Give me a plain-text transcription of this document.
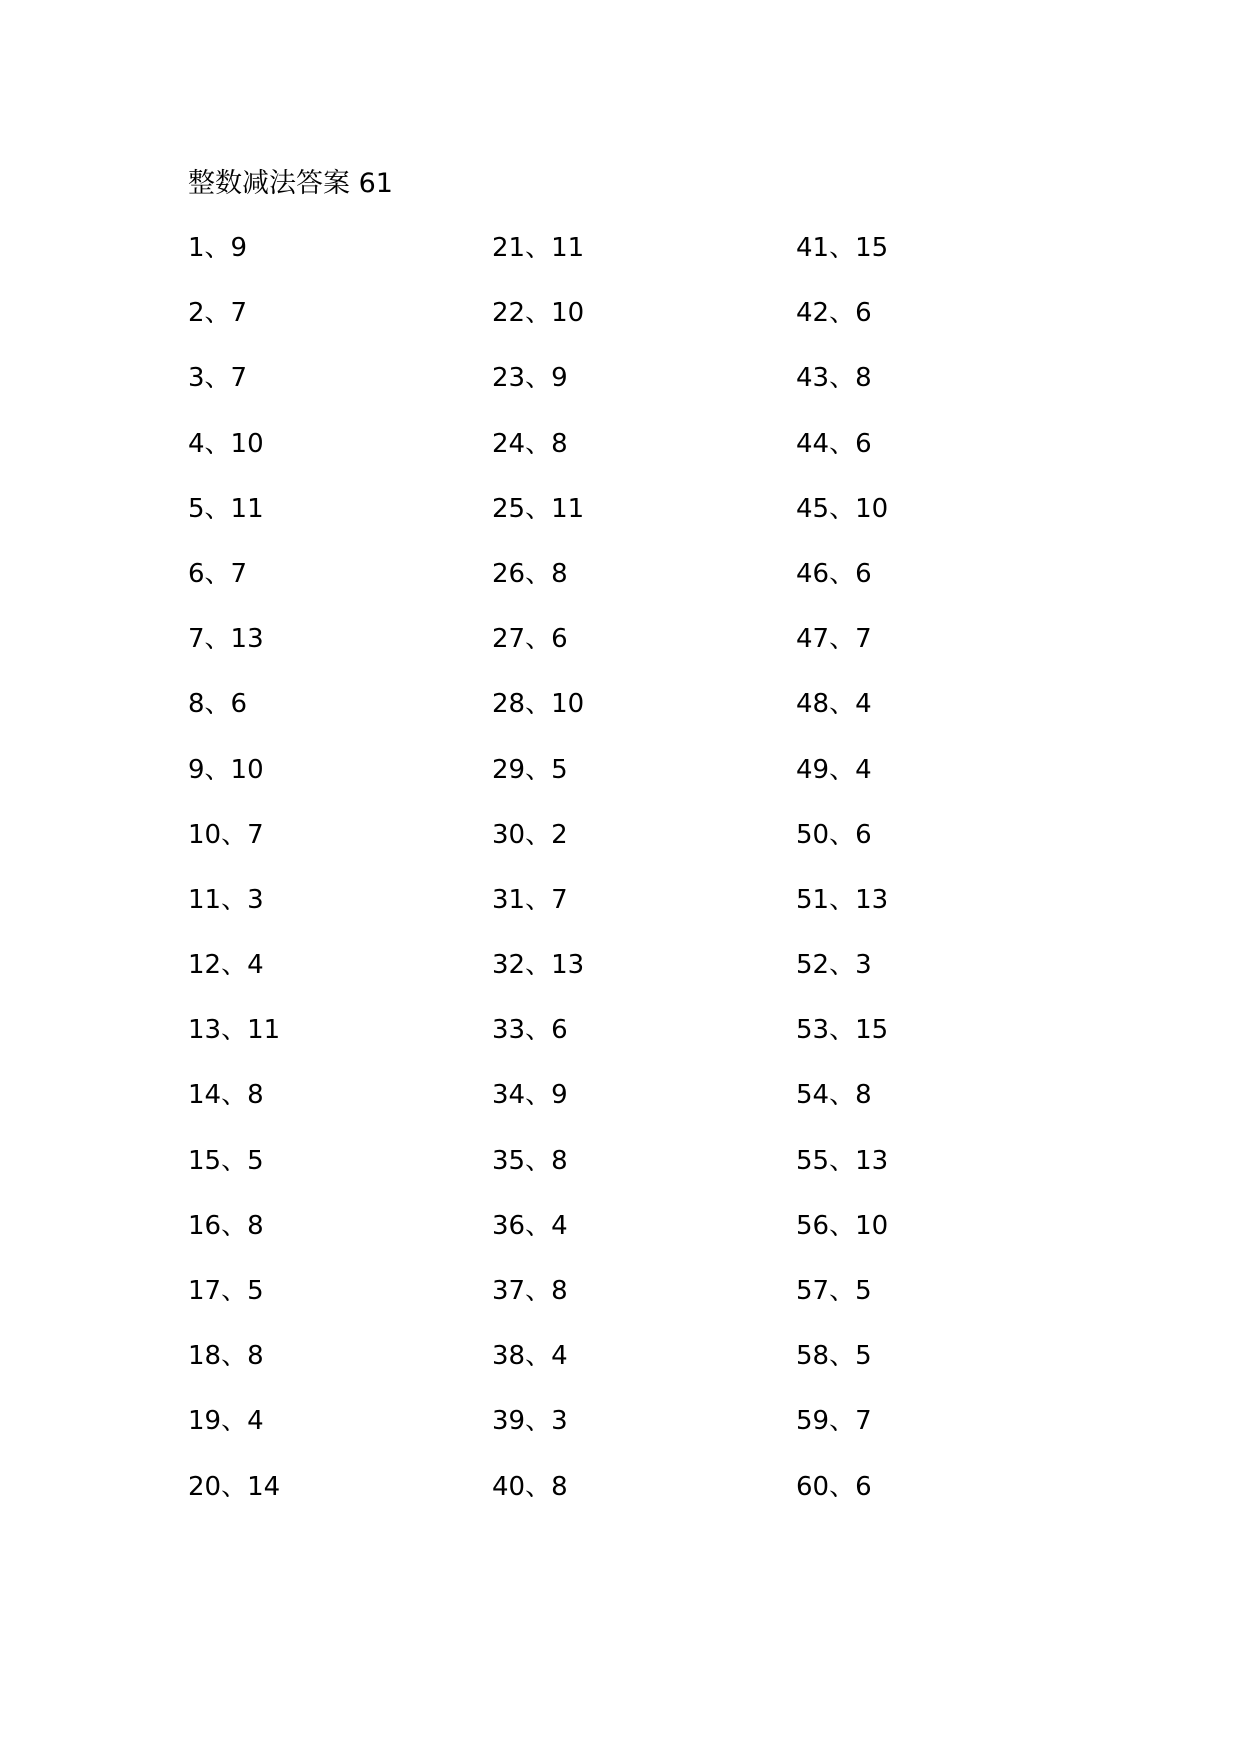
整数减法答案 61
1、9
2、7
3、7
4、10
5、11
6、7
7、13
8、6
9、10
10、7
11、3
12、4
13、11
14、8
15、5
16、8
17、5
18、8
19、4
20、14
21、11
22、10
23、9
24、8
25、11
26、8
27、6
28、10
29、5
30、2
31、7
32、13
33、6
34、9
35、8
36、4
37、8
38、4
39、3
40、8
41、15
42、6
43、8
44、6
45、10
46、6
47、7
48、4
49、4
50、6
51、13
52、3
53、15
54、8
55、13
56、10
57、5
58、5
59、7
60、6
